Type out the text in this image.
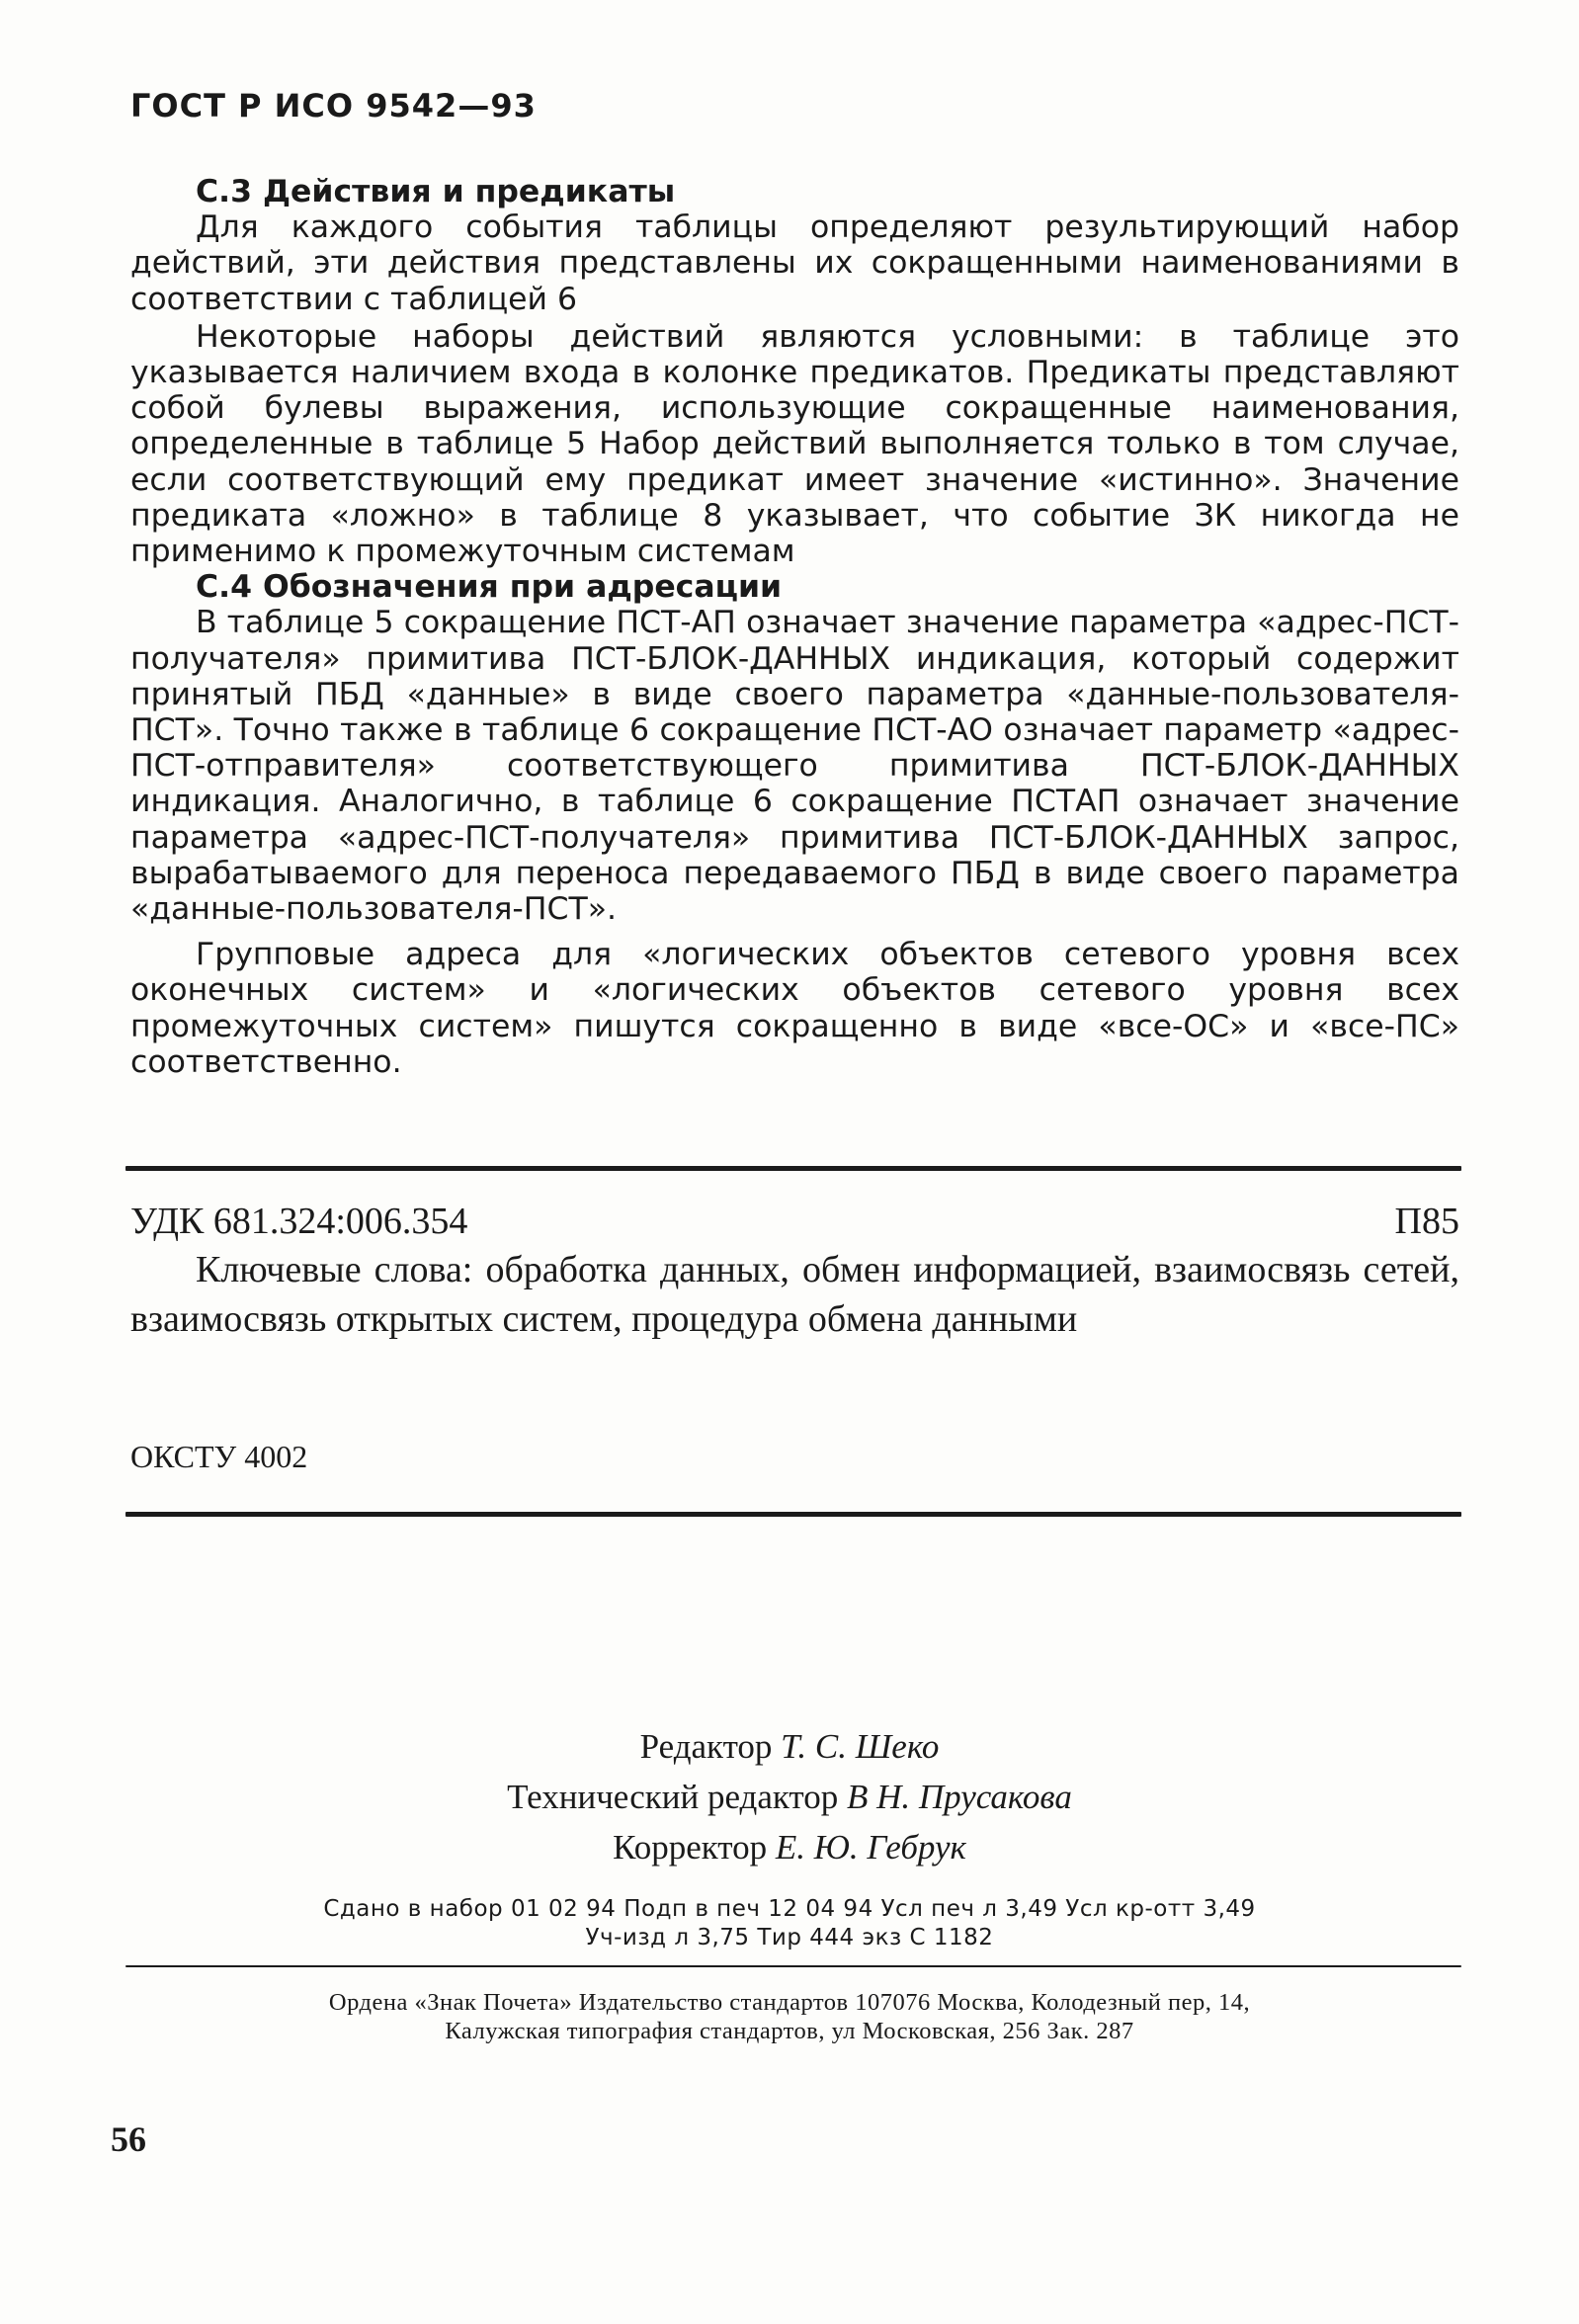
ГОСТ Р ИСО 9542—93

С.3 Действия и предикаты

Для каждого события таблицы определяют результирующий набор действий, эти действия представлены их сокращенными наименованиями в соответствии с таблицей 6

Некоторые наборы действий являются условными: в таблице это указывается наличием входа в колонке предикатов. Предикаты представляют собой булевы выражения, использующие сокращенные наименования, определенные в таблице 5 Набор действий выполняется только в том случае, если соответствующий ему предикат имеет значение «истинно». Значение предиката «ложно» в таблице 8 указывает, что событие ЗК никогда не применимо к промежуточным системам

С.4 Обозначения при адресации

В таблице 5 сокращение ПСТ-АП означает значение параметра «адрес-ПСТ-получателя» примитива ПСТ-БЛОК-ДАННЫХ индикация, который содержит принятый ПБД «данные» в виде своего параметра «данные-пользователя-ПСТ». Точно также в таблице 6 сокращение ПСТ-АО означает параметр «адрес-ПСТ-отправителя» соответствующего примитива ПСТ-БЛОК-ДАННЫХ индикация. Аналогично, в таблице 6 сокращение ПСТАП означает значение параметра «адрес-ПСТ-получателя» примитива ПСТ-БЛОК-ДАННЫХ запрос, вырабатываемого для переноса передаваемого ПБД в виде своего параметра «данные-пользователя-ПСТ».

Групповые адреса для «логических объектов сетевого уровня всех оконечных систем» и «логических объектов сетевого уровня всех промежуточных систем» пишутся сокращенно в виде «все-ОС» и «все-ПС» соответственно.

УДК 681.324:006.354	П85

Ключевые слова: обработка данных, обмен информацией, взаимосвязь сетей, взаимосвязь открытых систем, процедура обмена данными

ОКСТУ 4002
Редактор Т. С. Шеко
Технический редактор В Н. Прусакова
Корректор Е. Ю. Гебрук
Сдано в набор 01 02 94 Подп в печ 12 04 94 Усл печ л 3,49 Усл кр-отт 3,49
Уч-изд л 3,75 Тир 444 экз С 1182
Ордена «Знак Почета» Издательство стандартов 107076 Москва, Колодезный пер, 14,
Калужская типография стандартов, ул Московская, 256 Зак. 287
56
